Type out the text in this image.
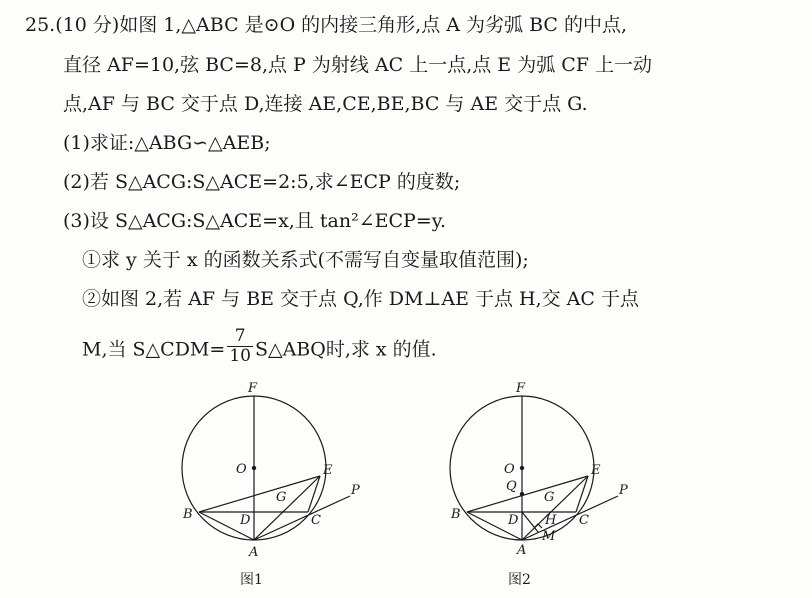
25.(10 分)如图 1,△ABC 是⊙O 的内接三角形,点 A 为劣弧 BC 的中点,
直径 AF=10,弦 BC=8,点 P 为射线 AC 上一点,点 E 为弧 CF 上一动
点,AF 与 BC 交于点 D,连接 AE,CE,BE,BC 与 AE 交于点 G.
(1)求证:△ABG∽△AEB;
(2)若 S△ACG:S△ACE=2:5,求∠ECP 的度数;
(3)设 S△ACG:S△ACE=x,且 tan²∠ECP=y.
①求 y 关于 x 的函数关系式(不需写自变量取值范围);
②如图 2,若 AF 与 BE 交于点 Q,作 DM⊥AE 于点 H,交 AC 于点
M,当 S△CDM= $\frac{7}{10}$ S△ABQ时,求 x 的值.
F
O	E
P
G
B	D	C
A
图1
F
O
Q
E
P
G
H
B	D	C
M
A
图2
